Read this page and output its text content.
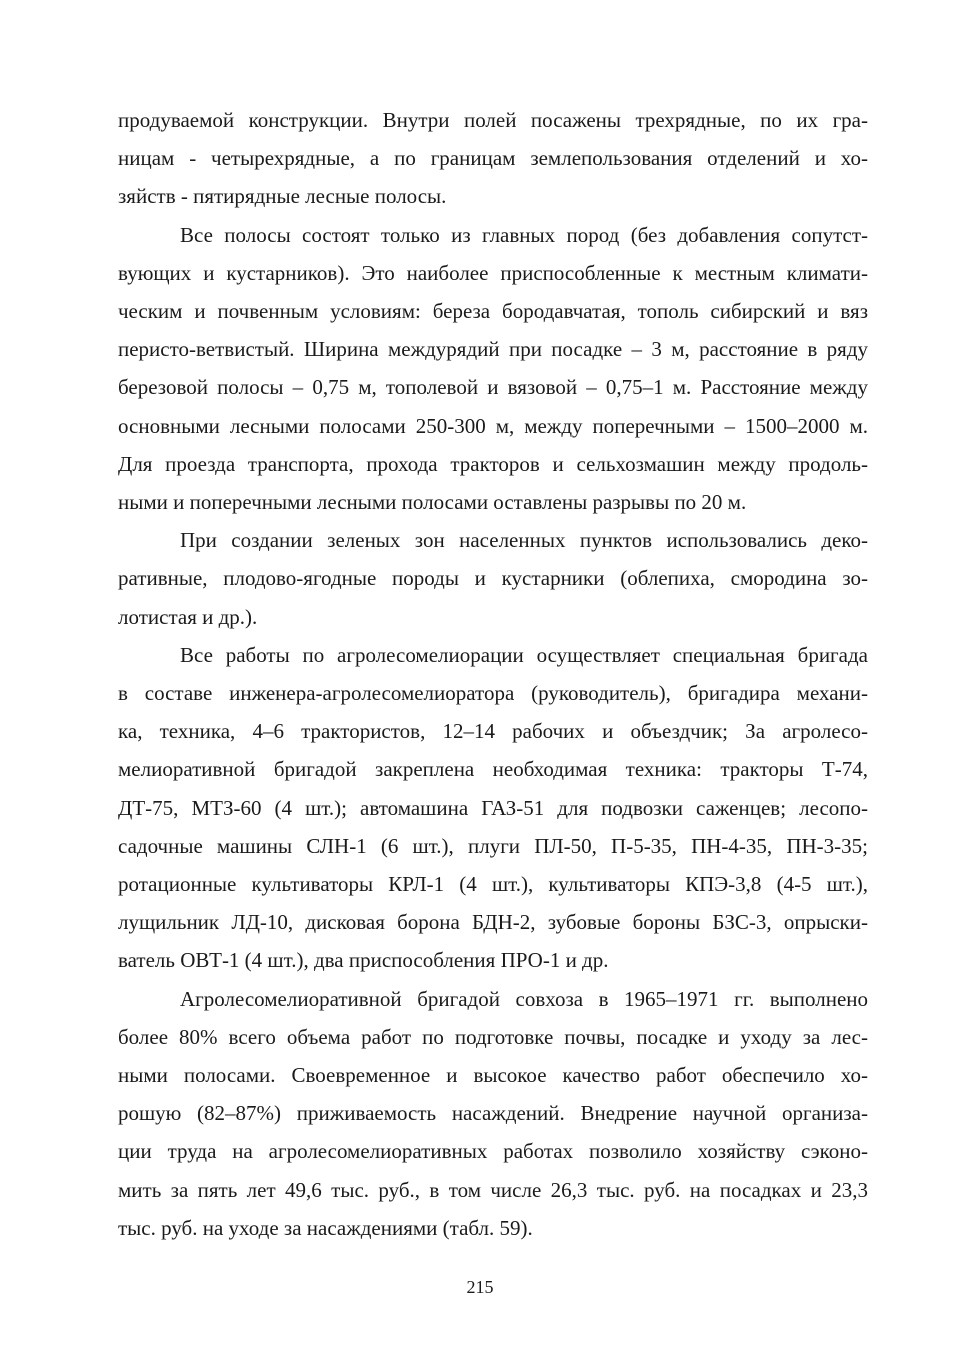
продуваемой конструкции. Внутри полей посажены трехрядные, по их гра-
ницам - четырехрядные, а по границам землепользования отделений и хо-
зяйств - пятирядные лесные полосы.
Все полосы состоят только из главных пород (без добавления сопутст-
вующих и кустарников). Это наиболее приспособленные к местным климати-
ческим и почвенным условиям: береза бородавчатая, тополь сибирский и вяз
перисто-ветвистый. Ширина междурядий при посадке – 3 м, расстояние в ряду
березовой полосы – 0,75 м, тополевой и вязовой – 0,75–1 м. Расстояние между
основными лесными полосами 250-300 м, между поперечными – 1500–2000 м.
Для проезда транспорта, прохода тракторов и сельхозмашин между продоль-
ными и поперечными лесными полосами оставлены разрывы по 20 м.
При создании зеленых зон населенных пунктов использовались деко-
ративные, плодово-ягодные породы и кустарники (облепиха, смородина зо-
лотистая и др.).
Все работы по агролесомелиорации осуществляет специальная бригада
в составе инженера-агролесомелиоратора (руководитель), бригадира механи-
ка, техника, 4–6 трактористов, 12–14 рабочих и объездчик; За агролесо-
мелиоративной бригадой закреплена необходимая техника: тракторы Т-74,
ДТ-75, МТЗ-60 (4 шт.); автомашина ГАЗ-51 для подвозки саженцев; лесопо-
садочные машины СЛН-1 (6 шт.), плуги ПЛ-50, П-5-35, ПН-4-35, ПН-3-35;
ротационные культиваторы КРЛ-1 (4 шт.), культиваторы КПЭ-3,8 (4-5 шт.),
лущильник ЛД-10, дисковая борона БДН-2, зубовые бороны БЗС-3, опрыски-
ватель ОВТ-1 (4 шт.), два приспособления ПРО-1 и др.
Агролесомелиоративной бригадой совхоза в 1965–1971 гг. выполнено
более 80% всего объема работ по подготовке почвы, посадке и уходу за лес-
ными полосами. Своевременное и высокое качество работ обеспечило хо-
рошую (82–87%) приживаемость насаждений. Внедрение научной организа-
ции труда на агролесомелиоративных работах позволило хозяйству сэконо-
мить за пять лет 49,6 тыс. руб., в том числе 26,3 тыс. руб. на посадках и 23,3
тыс. руб. на уходе за насаждениями (табл. 59).
215
